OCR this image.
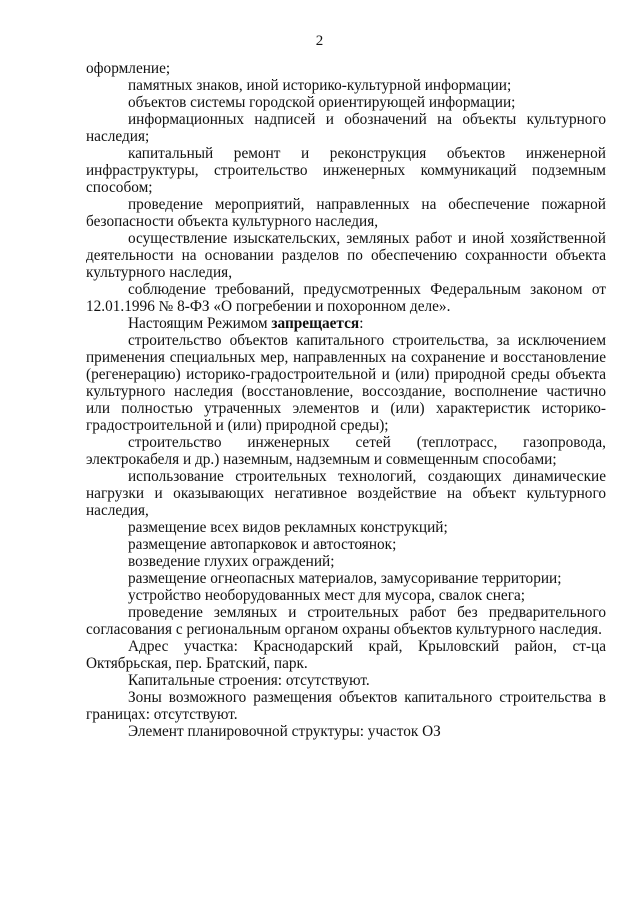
2

оформление;

памятных знаков, иной историко-культурной информации;

объектов системы городской ориентирующей информации;

информационных надписей и обозначений на объекты культурного наследия;

капитальный ремонт и реконструкция объектов инженерной инфраструктуры, строительство инженерных коммуникаций подземным способом;

проведение мероприятий, направленных на обеспечение пожарной безопасности объекта культурного наследия,

осуществление изыскательских, земляных работ и иной хозяйственной деятельности на основании разделов по обеспечению сохранности объекта культурного наследия,

соблюдение требований, предусмотренных Федеральным законом от 12.01.1996 № 8-ФЗ «О погребении и похоронном деле».

Настоящим Режимом запрещается:

строительство объектов капитального строительства, за исключением применения специальных мер, направленных на сохранение и восстановление (регенерацию) историко-градостроительной и (или) природной среды объекта культурного наследия (восстановление, воссоздание, восполнение частично или полностью утраченных элементов и (или) характеристик историко-градостроительной и (или) природной среды);

строительство инженерных сетей (теплотрасс, газопровода, электрокабеля и др.) наземным, надземным и совмещенным способами;

использование строительных технологий, создающих динамические нагрузки и оказывающих негативное воздействие на объект культурного наследия,

размещение всех видов рекламных конструкций;

размещение автопарковок и автостоянок;

возведение глухих ограждений;

размещение огнеопасных материалов, замусоривание территории;

устройство необорудованных мест для мусора, свалок снега;

проведение земляных и строительных работ без предварительного согласования с региональным органом охраны объектов культурного наследия.

Адрес участка: Краснодарский край, Крыловский район, ст-ца Октябрьская, пер. Братский, парк.

Капитальные строения: отсутствуют.

Зоны возможного размещения объектов капитального строительства в границах: отсутствуют.

Элемент планировочной структуры: участок ОЗ
